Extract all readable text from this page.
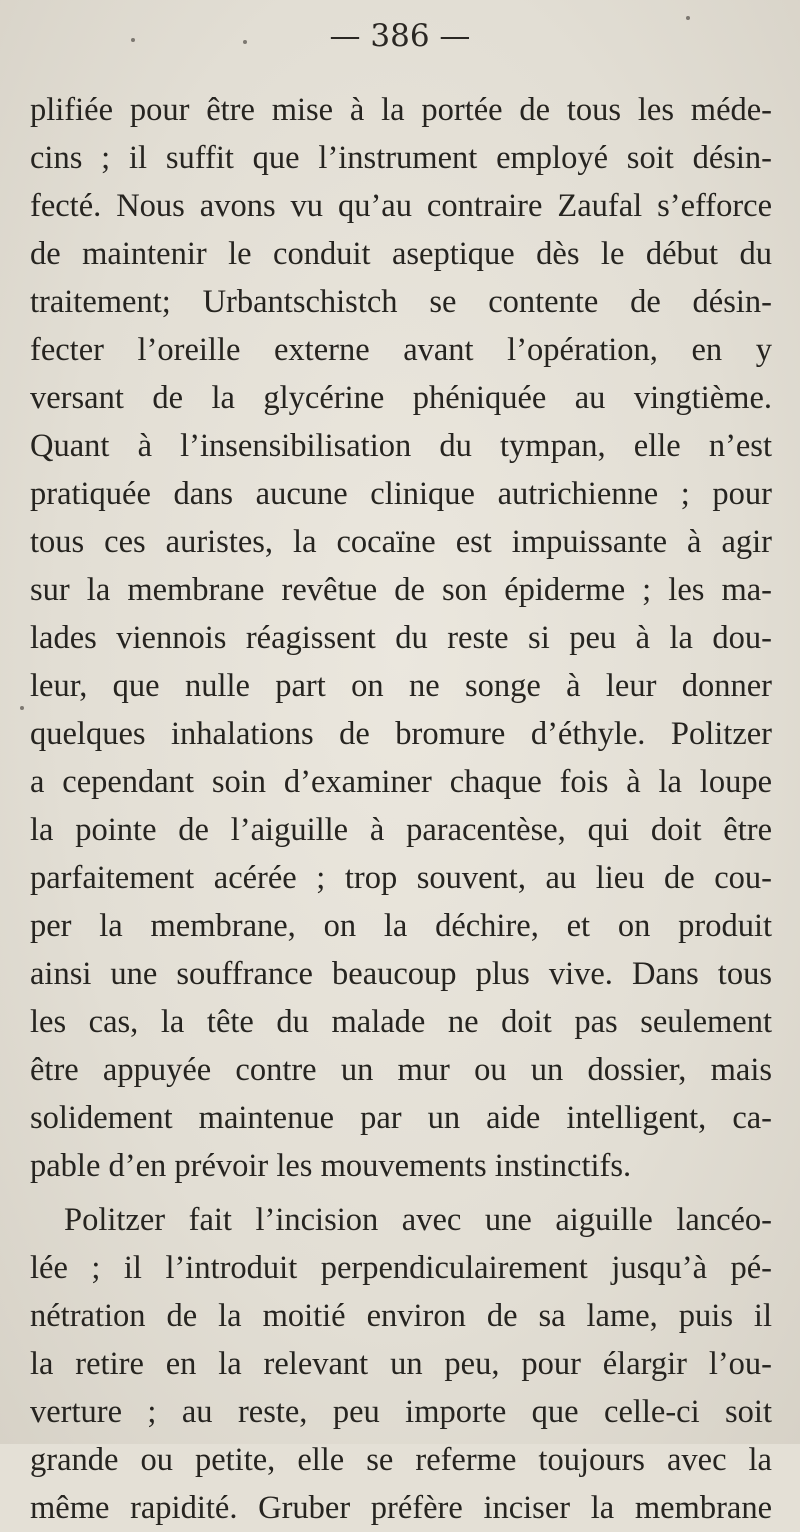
— 386 —
plifiée pour être mise à la portée de tous les méde-
cins ; il suffit que l’instrument employé soit désin-
fecté. Nous avons vu qu’au contraire Zaufal s’efforce
de maintenir le conduit aseptique dès le début du
traitement; Urbantschistch se contente de désin-
fecter l’oreille externe avant l’opération, en y
versant de la glycérine phéniquée au vingtième.
Quant à l’insensibilisation du tympan, elle n’est
pratiquée dans aucune clinique autrichienne ; pour
tous ces auristes, la cocaïne est impuissante à agir
sur la membrane revêtue de son épiderme ; les ma-
lades viennois réagissent du reste si peu à la dou-
leur, que nulle part on ne songe à leur donner
quelques inhalations de bromure d’éthyle. Politzer
a cependant soin d’examiner chaque fois à la loupe
la pointe de l’aiguille à paracentèse, qui doit être
parfaitement acérée ; trop souvent, au lieu de cou-
per la membrane, on la déchire, et on produit
ainsi une souffrance beaucoup plus vive. Dans tous
les cas, la tête du malade ne doit pas seulement
être appuyée contre un mur ou un dossier, mais
solidement maintenue par un aide intelligent, ca-
pable d’en prévoir les mouvements instinctifs.
Politzer fait l’incision avec une aiguille lancéo-
lée ; il l’introduit perpendiculairement jusqu’à pé-
nétration de la moitié environ de sa lame, puis il
la retire en la relevant un peu, pour élargir l’ou-
verture ; au reste, peu importe que celle-ci soit
grande ou petite, elle se referme toujours avec la
même rapidité. Gruber préfère inciser la membrane
